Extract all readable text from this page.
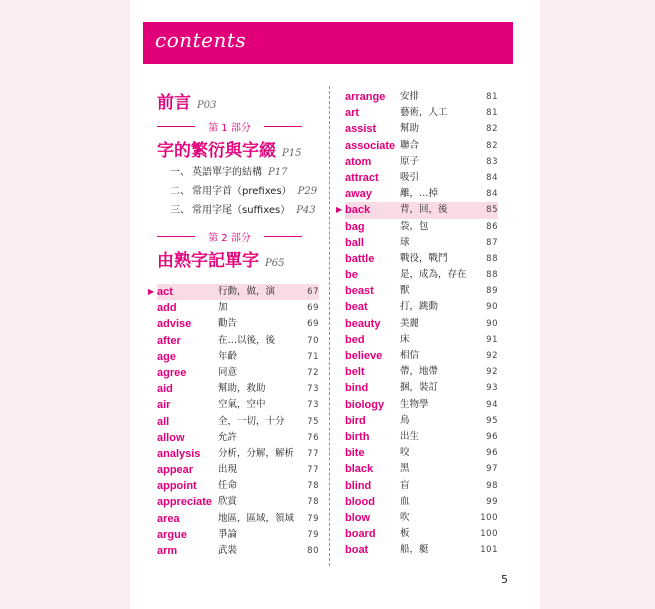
contents
前言 P03
第 1 部分
字的繁衍與字綴 P15
一、 英語單字的結構 P17
二、 常用字首（prefixes） P29
三、 常用字尾（suffixes） P43
第 2 部分
由熟字記單字 P65
▶ act	行動，做，演	67
add	加	69
advise	勸告	69
after	在…以後，後	70
age	年齡	71
agree	同意	72
aid	幫助，救助	73
air	空氣，空中	73
all	全，一切，十分	75
allow	允許	76
analysis 分析，分解，解析 77
appear	出現	77
appoint 任命	78
appreciate 欣賞	78
area	地區，區域，領域 79
argue	爭論	79
arm	武裝	80
arrange 安排	81
art	藝術，人工	81
assist	幫助	82
associate 聯合	82
atom	原子	83
attract 吸引	84
away	離，…掉	84
▶ back	背，回，後	85
bag	袋，包	86
ball	球	87
battle	戰役，戰鬥	88
be	是，成為，存在 88
beast	獸	89
beat	打，跳動	90
beauty 美麗	90
bed	床	91
believe 相信	92
belt	帶，地帶	92
bind	捆，裝訂	93
biology 生物學	94
bird	鳥	95
birth	出生	96
bite	咬	96
black	黑	97
blind	盲	98
blood	血	99
blow	吹	100
board	板	100
boat	船，艇	101
5
